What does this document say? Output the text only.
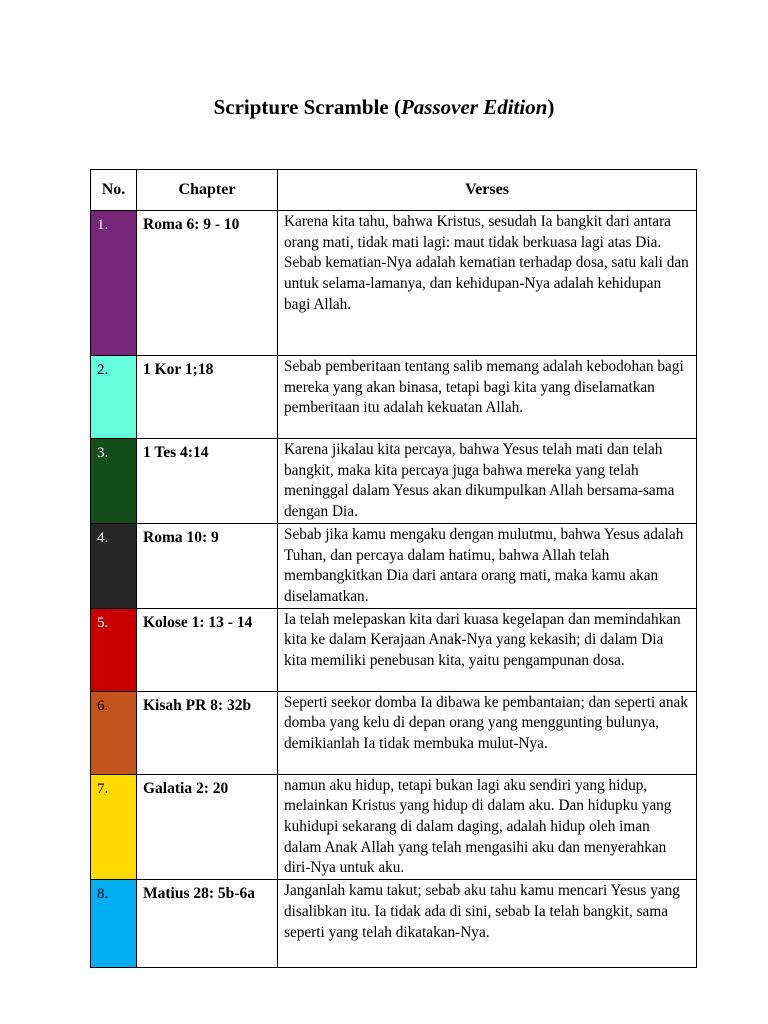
Scripture Scramble (Passover Edition)
No.	Chapter	Verses
1.	Roma 6: 9 - 10	Karena kita tahu, bahwa Kristus, sesudah Ia bangkit dari antara orang mati, tidak mati lagi: maut tidak berkuasa lagi atas Dia. Sebab kematian-Nya adalah kematian terhadap dosa, satu kali dan untuk selama-lamanya, dan kehidupan-Nya adalah kehidupan bagi Allah.
2.	1 Kor 1;18	Sebab pemberitaan tentang salib memang adalah kebodohan bagi mereka yang akan binasa, tetapi bagi kita yang diselamatkan pemberitaan itu adalah kekuatan Allah.
3.	1 Tes 4:14	Karena jikalau kita percaya, bahwa Yesus telah mati dan telah bangkit, maka kita percaya juga bahwa mereka yang telah meninggal dalam Yesus akan dikumpulkan Allah bersama-sama dengan Dia.
4.	Roma 10: 9	Sebab jika kamu mengaku dengan mulutmu, bahwa Yesus adalah Tuhan, dan percaya dalam hatimu, bahwa Allah telah membangkitkan Dia dari antara orang mati, maka kamu akan diselamatkan.
5.	Kolose 1: 13 - 14	Ia telah melepaskan kita dari kuasa kegelapan dan memindahkan kita ke dalam Kerajaan Anak-Nya yang kekasih; di dalam Dia kita memiliki penebusan kita, yaitu pengampunan dosa.
6.	Kisah PR 8: 32b	Seperti seekor domba Ia dibawa ke pembantaian; dan seperti anak domba yang kelu di depan orang yang menggunting bulunya, demikianlah Ia tidak membuka mulut-Nya.
7.	Galatia 2: 20	namun aku hidup, tetapi bukan lagi aku sendiri yang hidup, melainkan Kristus yang hidup di dalam aku. Dan hidupku yang kuhidupi sekarang di dalam daging, adalah hidup oleh iman dalam Anak Allah yang telah mengasihi aku dan menyerahkan diri-Nya untuk aku.
8.	Matius 28: 5b-6a	Janganlah kamu takut; sebab aku tahu kamu mencari Yesus yang disalibkan itu. Ia tidak ada di sini, sebab Ia telah bangkit, sama seperti yang telah dikatakan-Nya.
